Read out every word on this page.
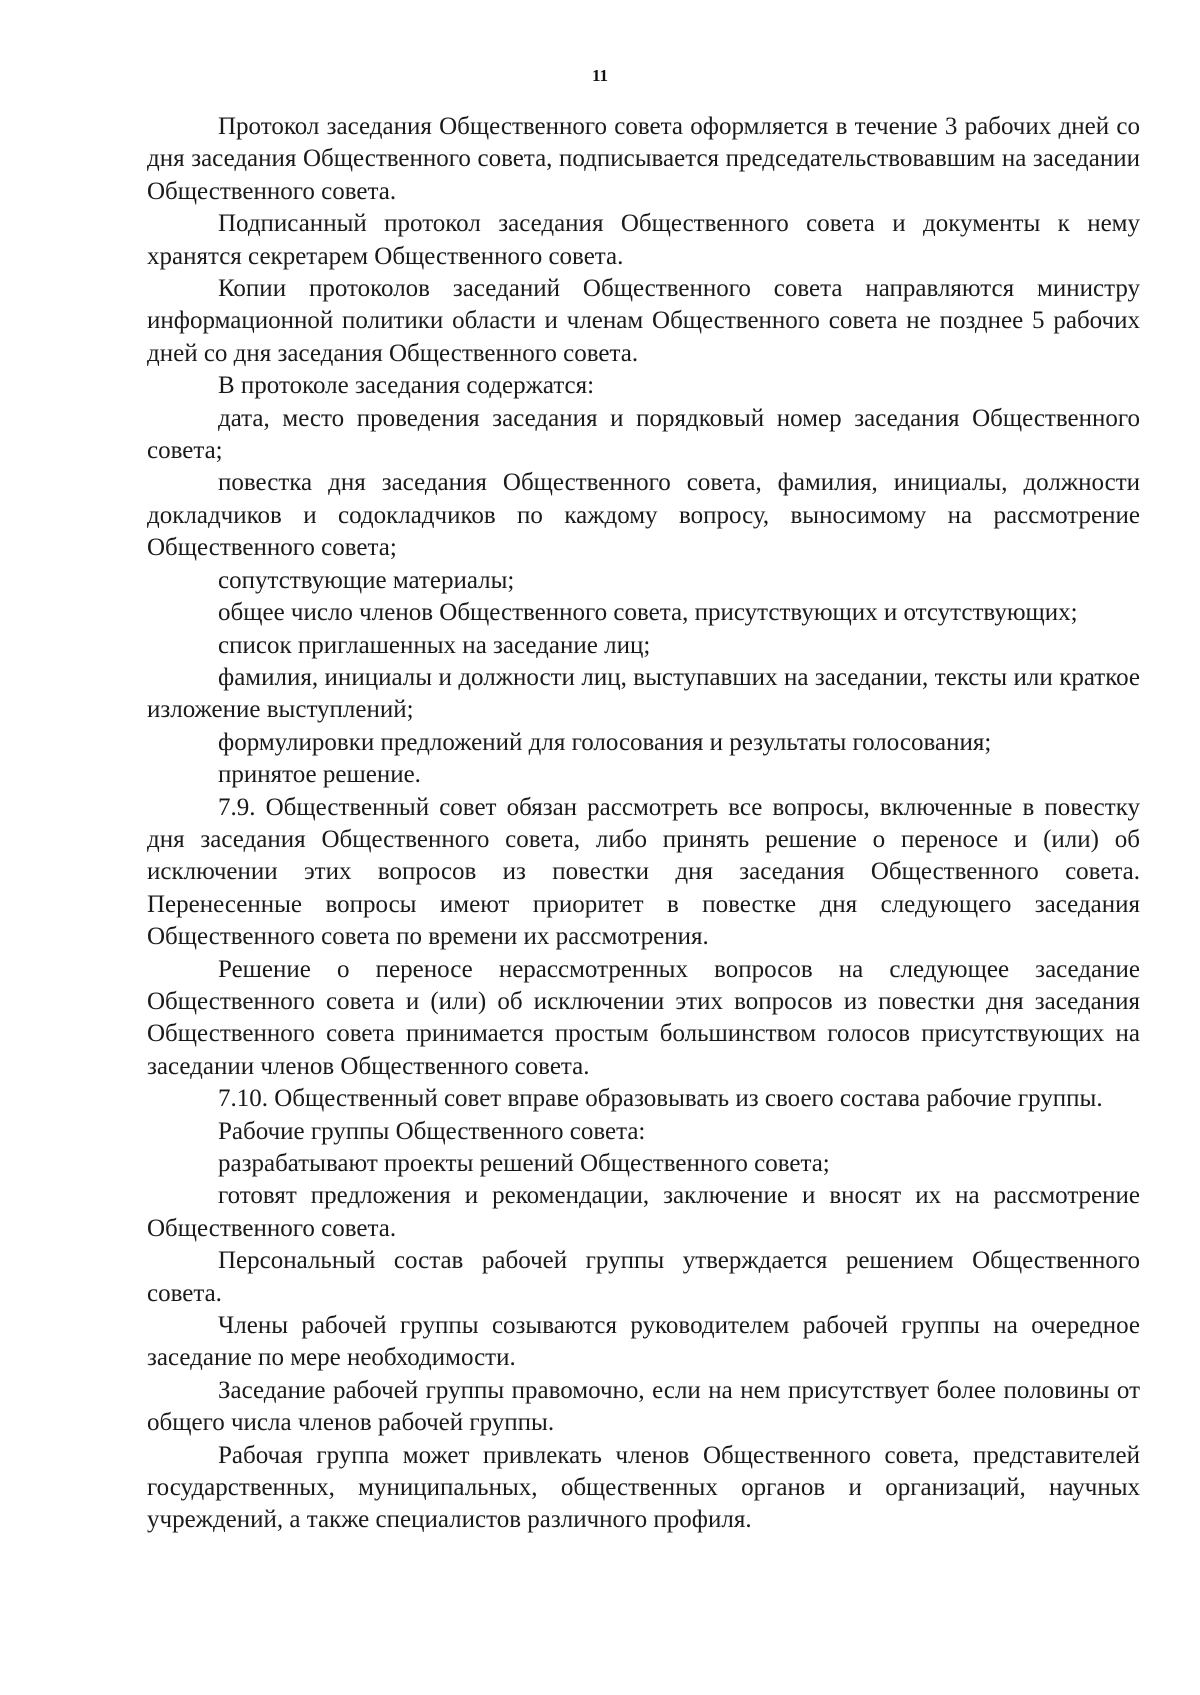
11

Протокол заседания Общественного совета оформляется в течение 3 рабочих дней со дня заседания Общественного совета, подписывается председательствовавшим на заседании Общественного совета.

Подписанный протокол заседания Общественного совета и документы к нему хранятся секретарем Общественного совета.

Копии протоколов заседаний Общественного совета направляются министру информационной политики области и членам Общественного совета не позднее 5 рабочих дней со дня заседания Общественного совета.

В протоколе заседания содержатся:

дата, место проведения заседания и порядковый номер заседания Общественного совета;

повестка дня заседания Общественного совета, фамилия, инициалы, должности докладчиков и содокладчиков по каждому вопросу, выносимому на рассмотрение Общественного совета;

сопутствующие материалы;

общее число членов Общественного совета, присутствующих и отсутствующих;

список приглашенных на заседание лиц;

фамилия, инициалы и должности лиц, выступавших на заседании, тексты или краткое изложение выступлений;

формулировки предложений для голосования и результаты голосования;

принятое решение.

7.9. Общественный совет обязан рассмотреть все вопросы, включенные в повестку дня заседания Общественного совета, либо принять решение о переносе и (или) об исключении этих вопросов из повестки дня заседания Общественного совета. Перенесенные вопросы имеют приоритет в повестке дня следующего заседания Общественного совета по времени их рассмотрения.

Решение о переносе нерассмотренных вопросов на следующее заседание Общественного совета и (или) об исключении этих вопросов из повестки дня заседания Общественного совета принимается простым большинством голосов присутствующих на заседании членов Общественного совета.

7.10. Общественный совет вправе образовывать из своего состава рабочие группы.

Рабочие группы Общественного совета:

разрабатывают проекты решений Общественного совета;

готовят предложения и рекомендации, заключение и вносят их на рассмотрение Общественного совета.

Персональный состав рабочей группы утверждается решением Общественного совета.

Члены рабочей группы созываются руководителем рабочей группы на очередное заседание по мере необходимости.

Заседание рабочей группы правомочно, если на нем присутствует более половины от общего числа членов рабочей группы.

Рабочая группа может привлекать членов Общественного совета, представителей государственных, муниципальных, общественных органов и организаций, научных учреждений, а также специалистов различного профиля.
